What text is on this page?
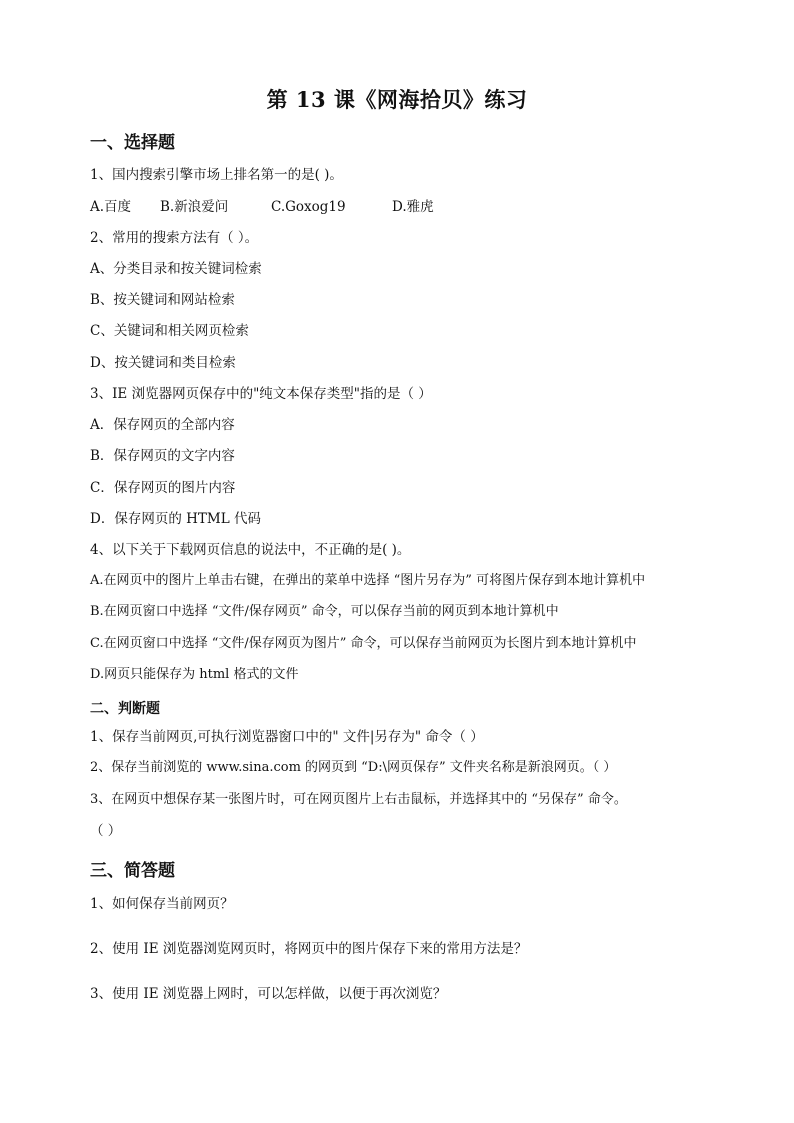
第 13 课《网海拾贝》练习
一、选择题
1、国内搜索引擎市场上排名第一的是( )。
A.百度 B.新浪爱问	C.Goxog19	D.雅虎
2、常用的搜索方法有（ ）。
A、分类目录和按关键词检索
B、按关键词和网站检索
C、关键词和相关网页检索
D、按关键词和类目检索
3、IE 浏览器网页保存中的"纯文本保存类型"指的是（ ）
A．保存网页的全部内容
B．保存网页的文字内容
C．保存网页的图片内容
D．保存网页的 HTML 代码
4、以下关于下载网页信息的说法中，不正确的是( )。
A.在网页中的图片上单击右键，在弹出的菜单中选择 “图片另存为” 可将图片保存到本地计算机中
B.在网页窗口中选择 “文件/保存网页” 命令，可以保存当前的网页到本地计算机中
C.在网页窗口中选择 “文件/保存网页为图片” 命令，可以保存当前网页为长图片到本地计算机中
D.网页只能保存为 html 格式的文件
二、判断题
1、保存当前网页,可执行浏览器窗口中的" 文件|另存为" 命令（ ）
2、保存当前浏览的 www.sina.com 的网页到 “D:\网页保存” 文件夹名称是新浪网页。（ ）
3、在网页中想保存某一张图片时，可在网页图片上右击鼠标，并选择其中的 “另保存” 命令。
（ ）
三、简答题
1、如何保存当前网页？
2、使用 IE 浏览器浏览网页时，将网页中的图片保存下来的常用方法是？
3、使用 IE 浏览器上网时，可以怎样做，以便于再次浏览？
